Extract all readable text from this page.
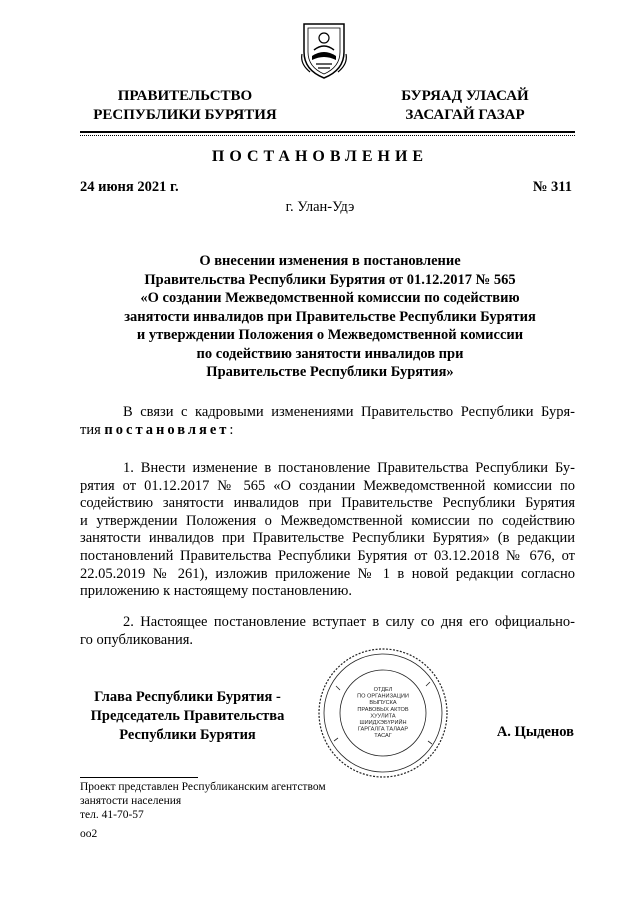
ПРАВИТЕЛЬСТВО
РЕСПУБЛИКИ БУРЯТИЯ
БУРЯАД УЛАСАЙ
ЗАСАГАЙ ГАЗАР
ПОСТАНОВЛЕНИЕ
24 июня 2021 г.	№ 311
г. Улан-Удэ
О внесении изменения в постановление
Правительства Республики Бурятия от 01.12.2017 № 565
«О создании Межведомственной комиссии по содействию
занятости инвалидов при Правительстве Республики Бурятия
и утверждении Положения о Межведомственной комиссии
по содействию занятости инвалидов при
Правительстве Республики Бурятия»
В связи с кадровыми изменениями Правительство Республики Буря-
тия постановляет:
1. Внести изменение в постановление Правительства Республики Бу-
рятия от 01.12.2017 № 565 «О создании Межведомственной комиссии по
содействию занятости инвалидов при Правительстве Республики Бурятия
и утверждении Положения о Межведомственной комиссии по содействию
занятости инвалидов при Правительстве Республики Бурятия» (в редакции
постановлений Правительства Республики Бурятия от 03.12.2018 № 676, от
22.05.2019 № 261), изложив приложение № 1 в новой редакции согласно
приложению к настоящему постановлению.
2. Настоящее постановление вступает в силу со дня его официально-
го опубликования.
Глава Республики Бурятия -
Председатель Правительства
Республики Бурятия	А. Цыденов
ОТДЕЛ
ПО ОРГАНИЗАЦИИ
ВЫПУСКА
ПРАВОВЫХ АКТОВ
ХУУЛИТА
ШИИДХЭБҮРИЙН
ГАРГАЛГА ТАЛААР
ТАСАГ
Проект представлен Республиканским агентством
занятости населения
тел. 41-70-57
оо2
